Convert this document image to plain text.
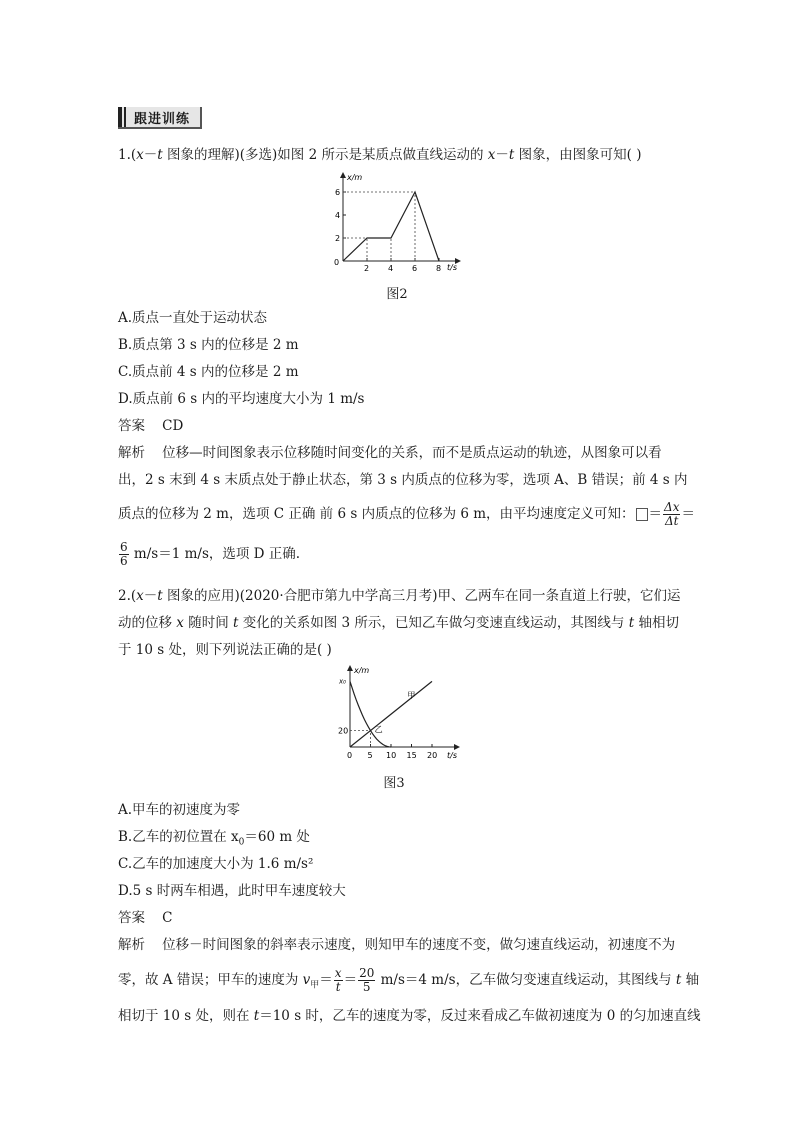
跟进训练
1.(x－t 图象的理解)(多选)如图 2 所示是某质点做直线运动的 x－t 图象，由图象可知( )
2 4 6 8
2
4
6
x/m
t/s
0
图2
A.质点一直处于运动状态
B.质点第 3 s 内的位移是 2 m
C.质点前 4 s 内的位移是 2 m
D.质点前 6 s 内的平均速度大小为 1 m/s
答案 CD
解析 位移—时间图象表示位移随时间变化的关系，而不是质点运动的轨迹，从图象可以看
出，2 s 末到 4 s 末质点处于静止状态，第 3 s 内质点的位移为零，选项 A、B 错误；前 4 s 内
质点的位移为 2 m，选项 C 正确 前 6 s 内质点的位移为 6 m，由平均速度定义可知： ＝ $\frac{\Delta x}{\Delta t}$ ＝
$\frac{6}{6} m/s=1$ m/s，选项 D 正确.
2.(x－t 图象的应用)(2020·合肥市第九中学高三月考)甲、乙两车在同一条直道上行驶，它们运
动的位移 x 随时间 t 变化的关系如图 3 所示，已知乙车做匀变速直线运动，其图线与 t 轴相切
于 10 s 处，则下列说法正确的是( )
5 10 15 20
20
甲
乙
x/m
t/s
0
x₀
图3
A.甲车的初速度为零
B.乙车的初位置在 $x_0=60$ m 处
C.乙车的加速度大小为 1.6 m/s²
D.5 s 时两车相遇，此时甲车速度较大
答案 C
解析 位移－时间图象的斜率表示速度，则知甲车的速度不变，做匀速直线运动，初速度不为
零，故 A 错误；甲车的速度为 $v_甲= \frac{x}{t} = \frac{20}{5} m/s=4$ m/s，乙车做匀变速直线运动，其图线与 t 轴
相切于 10 s 处，则在 t＝10 s 时，乙车的速度为零，反过来看成乙车做初速度为 0 的匀加速直线
